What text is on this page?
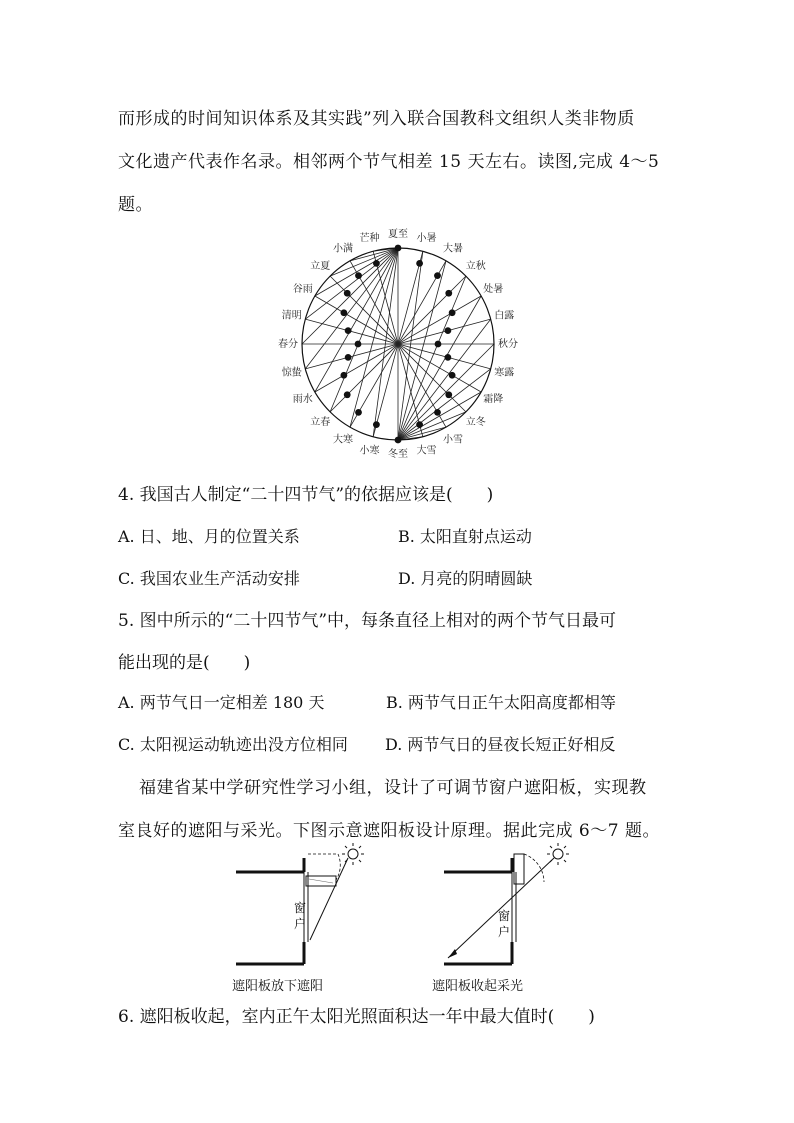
而形成的时间知识体系及其实践”列入联合国教科文组织人类非物质
文化遗产代表作名录。相邻两个节气相差 15 天左右。读图,完成 4～5
题。
夏至 小暑
大暑
立秋
处暑
白露
秋分
寒露
霜降
立冬
小雪
大雪
冬至
小寒
大寒
立春
雨水
惊蛰
春分
清明
谷雨
立夏
小满
芒种
4. 我国古人制定“二十四节气”的依据应该是(　　)
A. 日、地、月的位置关系	B. 太阳直射点运动
C. 我国农业生产活动安排	D. 月亮的阴晴圆缺
5. 图中所示的“二十四节气”中，每条直径上相对的两个节气日最可
能出现的是(　　)
A. 两节气日一定相差 180 天	B. 两节气日正午太阳高度都相等
C. 太阳视运动轨迹出没方位相同 D. 两节气日的昼夜长短正好相反
福建省某中学研究性学习小组，设计了可调节窗户遮阳板，实现教
室良好的遮阳与采光。下图示意遮阳板设计原理。据此完成 6～7 题。
窗
户
遮阳板放下遮阳
窗
户
遮阳板收起采光
6. 遮阳板收起，室内正午太阳光照面积达一年中最大值时(　　)
